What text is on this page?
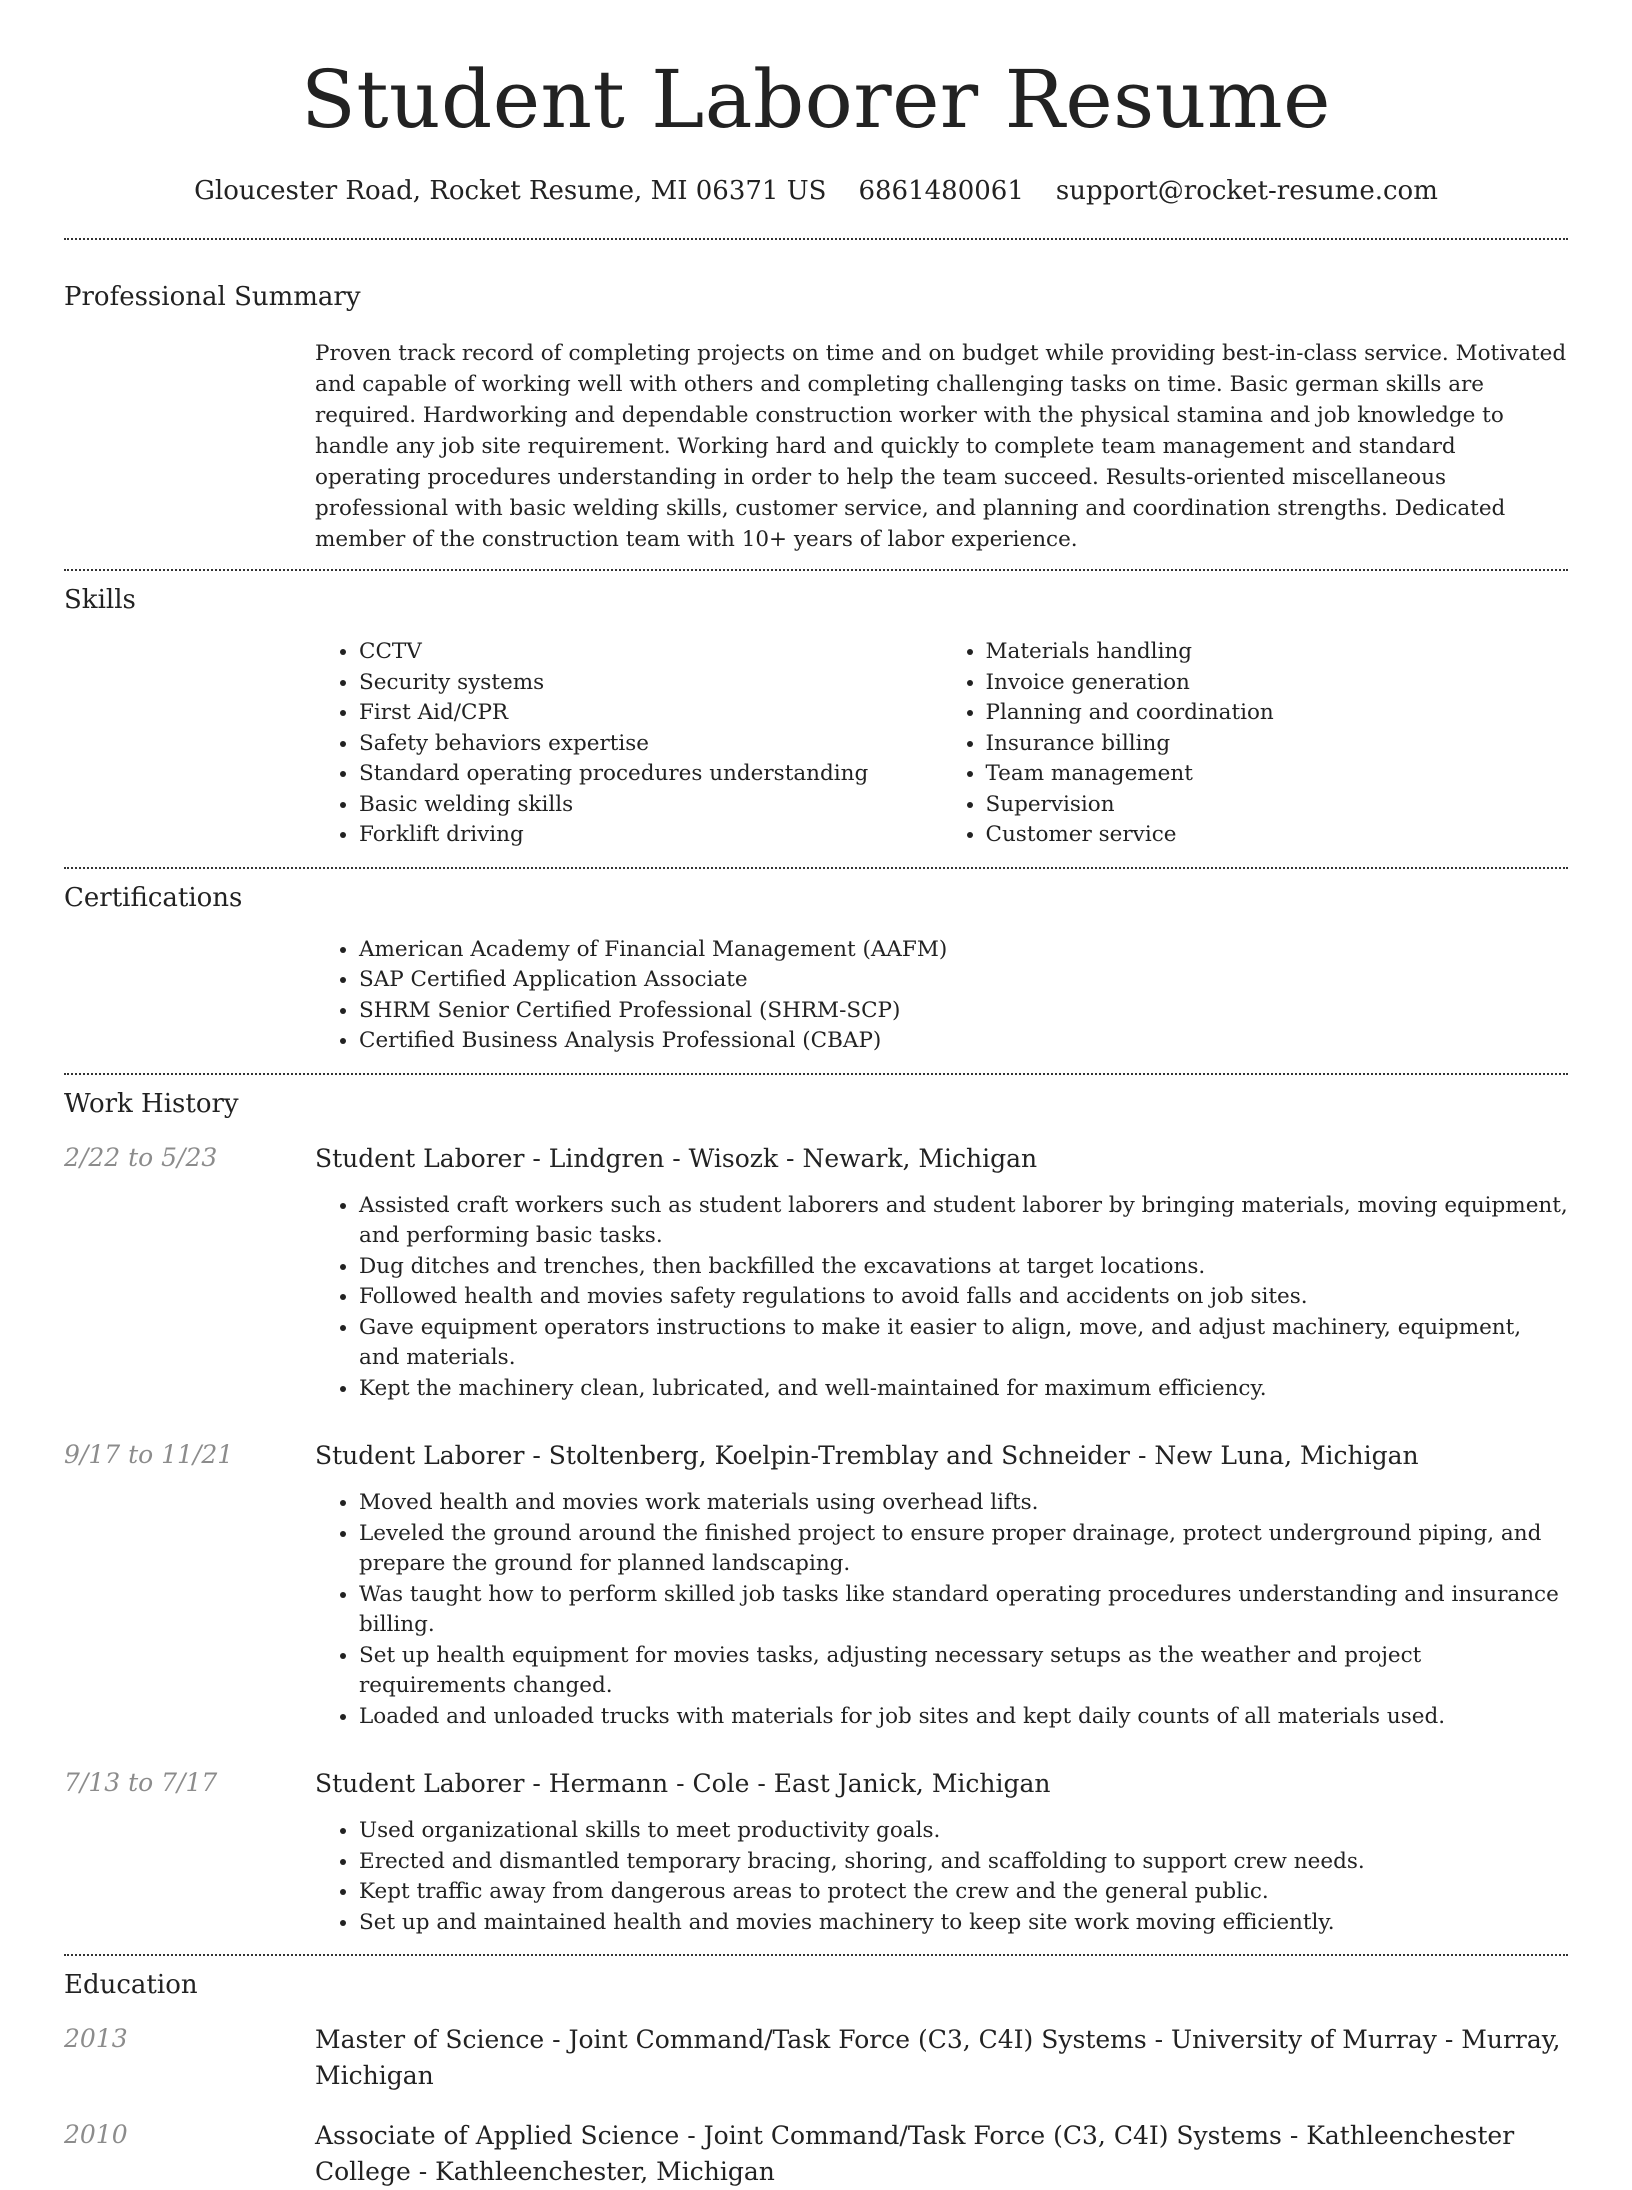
Student Laborer Resume
Gloucester Road, Rocket Resume, MI 06371 US 6861480061 support@rocket-resume.com
Professional Summary

Proven track record of completing projects on time and on budget while providing best-in-class service. Motivated and capable of working well with others and completing challenging tasks on time. Basic german skills are required. Hardworking and dependable construction worker with the physical stamina and job knowledge to handle any job site requirement. Working hard and quickly to complete team management and standard operating procedures understanding in order to help the team succeed. Results-oriented miscellaneous professional with basic welding skills, customer service, and planning and coordination strengths. Dedicated member of the construction team with 10+ years of labor experience.

Skills
• CCTV
• Security systems
• First Aid/CPR
• Safety behaviors expertise
• Standard operating procedures understanding
• Basic welding skills
• Forklift driving
• Materials handling
• Invoice generation
• Planning and coordination
• Insurance billing
• Team management
• Supervision
• Customer service
Certifications
• American Academy of Financial Management (AAFM)
• SAP Certified Application Associate
• SHRM Senior Certified Professional (SHRM-SCP)
• Certified Business Analysis Professional (CBAP)
Work History
2/22 to 5/23	Student Laborer - Lindgren - Wisozk - Newark, Michigan
• Assisted craft workers such as student laborers and student laborer by bringing materials, moving equipment, and performing basic tasks.
• Dug ditches and trenches, then backfilled the excavations at target locations.
• Followed health and movies safety regulations to avoid falls and accidents on job sites.
• Gave equipment operators instructions to make it easier to align, move, and adjust machinery, equipment, and materials.
• Kept the machinery clean, lubricated, and well-maintained for maximum efficiency.
9/17 to 11/21	Student Laborer - Stoltenberg, Koelpin-Tremblay and Schneider - New Luna, Michigan
• Moved health and movies work materials using overhead lifts.
• Leveled the ground around the finished project to ensure proper drainage, protect underground piping, and prepare the ground for planned landscaping.
• Was taught how to perform skilled job tasks like standard operating procedures understanding and insurance billing.
• Set up health equipment for movies tasks, adjusting necessary setups as the weather and project requirements changed.
• Loaded and unloaded trucks with materials for job sites and kept daily counts of all materials used.
7/13 to 7/17	Student Laborer - Hermann - Cole - East Janick, Michigan
• Used organizational skills to meet productivity goals.
• Erected and dismantled temporary bracing, shoring, and scaffolding to support crew needs.
• Kept traffic away from dangerous areas to protect the crew and the general public.
• Set up and maintained health and movies machinery to keep site work moving efficiently.
Education
2013	Master of Science - Joint Command/Task Force (C3, C4I) Systems - University of Murray - Murray, Michigan
2010	Associate of Applied Science - Joint Command/Task Force (C3, C4I) Systems - Kathleenchester College - Kathleenchester, Michigan
